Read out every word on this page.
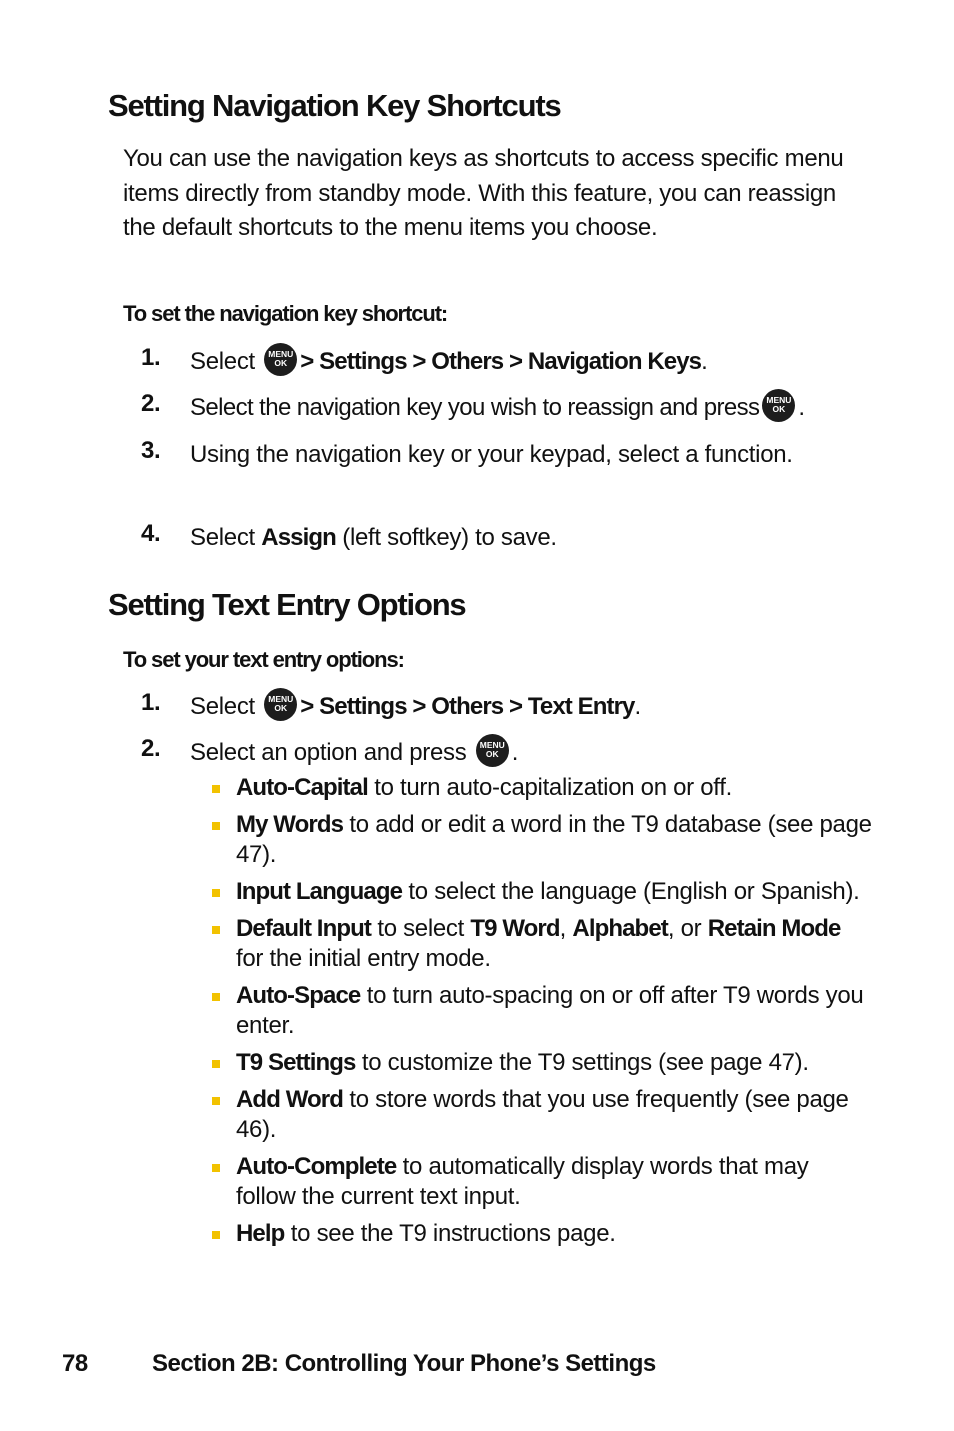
Setting Navigation Key Shortcuts

You can use the navigation keys as shortcuts to access specific menu items directly from standby mode. With this feature, you can reassign the default shortcuts to the menu items you choose.

To set the navigation key shortcut:

1. Select	MENU
OK > Settings > Others > Navigation Keys.
2. Select the navigation key you wish to reassign and press MENU
OK .
3. Using the navigation key or your keypad, select a function.
4. Select Assign (left softkey) to save.
Setting Text Entry Options

To set your text entry options:

1. Select	MENU
OK > Settings > Others > Text Entry.
2. Select an option and press	MENU
OK .
Auto-Capital to turn auto-capitalization on or off.
My Words to add or edit a word in the T9 database (see page 47).
Input Language to select the language (English or Spanish).
Default Input to select T9 Word, Alphabet, or Retain Mode for the initial entry mode.
Auto-Space to turn auto-spacing on or off after T9 words you enter.
T9 Settings to customize the T9 settings (see page 47).
Add Word to store words that you use frequently (see page 46).
Auto-Complete to automatically display words that may follow the current text input.
Help to see the T9 instructions page.
78	Section 2B: Controlling Your Phone’s Settings
